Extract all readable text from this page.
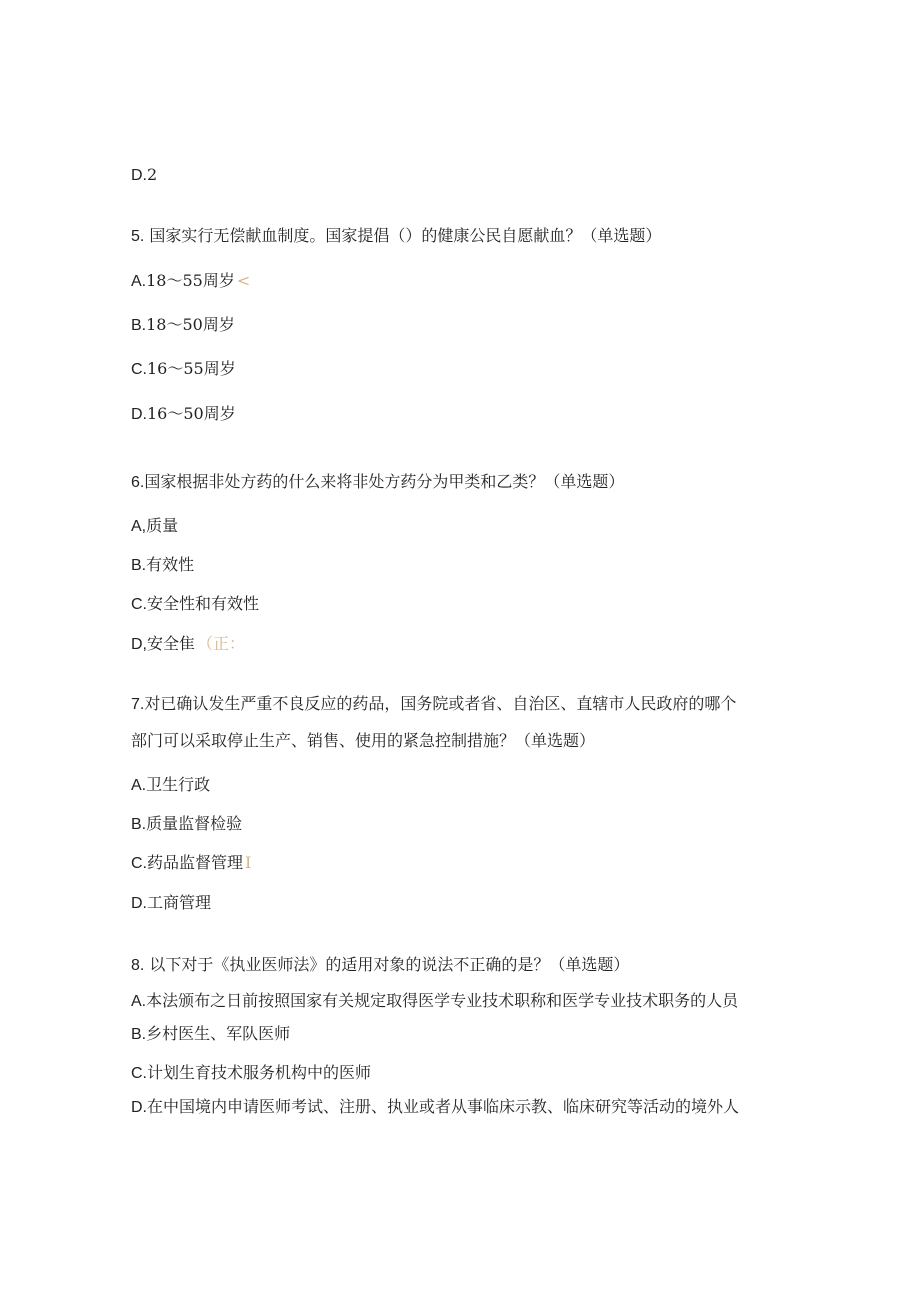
D.2
5. 国家实行无偿献血制度。国家提倡（）的健康公民自愿献血？（单选题）
A.18～55周岁 <
B.18～50周岁
C.16～55周岁
D.16～50周岁
6.国家根据非处方药的什么来将非处方药分为甲类和乙类？（单选题）
A,质量
B.有效性
C.安全性和有效性
D,安全隹 （正：
7.对已确认发生严重不良反应的药品，国务院或者省、自治区、直辖市人民政府的哪个
部门可以采取停止生产、销售、使用的紧急控制措施？（单选题）
A.卫生行政
B.质量监督检验
C.药品监督管理 I
D.工商管理
8. 以下对于《执业医师法》的适用对象的说法不正确的是？（单选题）
A.本法颁布之日前按照国家有关规定取得医学专业技术职称和医学专业技术职务的人员
B.乡村医生、军队医师
C.计划生育技术服务机构中的医师
D.在中国境内申请医师考试、注册、执业或者从事临床示教、临床研究等活动的境外人
